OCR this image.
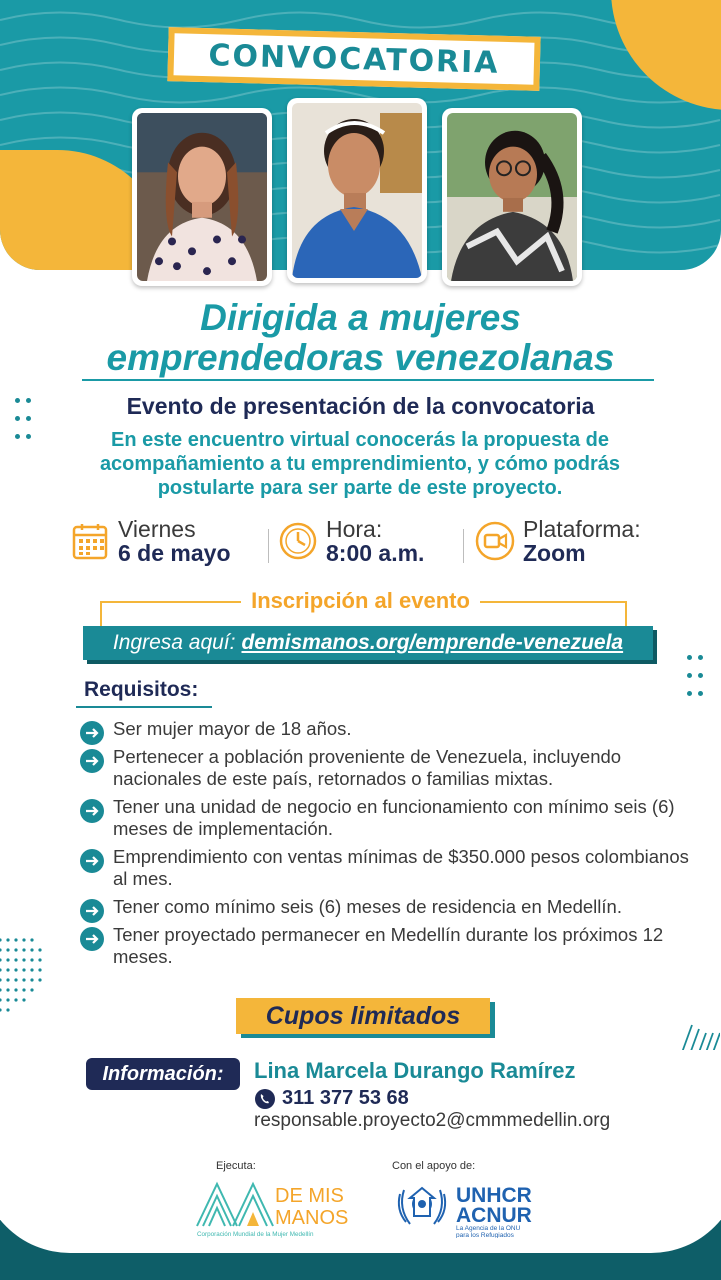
CONVOCATORIA
Dirigida a mujeres
emprendedoras venezolanas
Evento de presentación de la convocatoria
En este encuentro virtual conocerás la propuesta de acompañamiento a tu emprendimiento, y cómo podrás postularte para ser parte de este proyecto.
Viernes
6 de mayo
Hora:
8:00 a.m.
Plataforma:
Zoom
Inscripción al evento
Ingresa aquí: demismanos.org/emprende-venezuela
Requisitos:
Ser mujer mayor de 18 años.
Pertenecer a población proveniente de Venezuela, incluyendo nacionales de este país, retornados o familias mixtas.
Tener una unidad de negocio en funcionamiento con mínimo seis (6) meses de implementación.
Emprendimiento con ventas mínimas de $350.000 pesos colombianos al mes.
Tener como mínimo seis (6) meses de residencia en Medellín.
Tener proyectado permanecer en Medellín durante los próximos 12 meses.
Cupos limitados
Información:	Lina Marcela Durango Ramírez
311 377 53 68
responsable.proyecto2@cmmmedellin.org
Ejecuta:	Con el apoyo de:
DE MIS
MANOS
Corporación Mundial de la Mujer Medellín
UNHCR
ACNUR
La Agencia de la ONU
para los Refugiados
